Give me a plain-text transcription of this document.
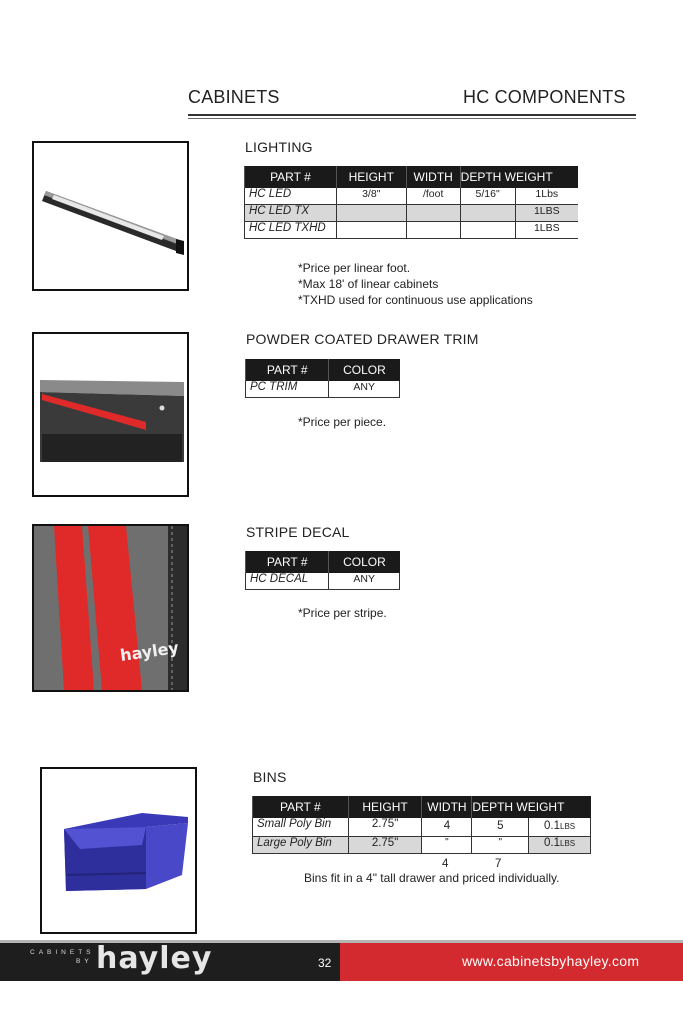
CABINETS	HC COMPONENTS
LIGHTING
PART #	HEIGHT	WIDTH	DEPTH WEIGHT	
HC LED	3/8"	/foot	5/16"	1Lbs
HC LED TX				1LBS
HC LED TXHD				1LBS
*Price per linear foot.
*Max 18' of linear cabinets
*TXHD used for continuous use applications
POWDER COATED DRAWER TRIM
PART #	COLOR
PC TRIM	ANY
*Price per piece.
hayley
STRIPE DECAL
PART #	COLOR
HC DECAL	ANY
*Price per stripe.
BINS
PART #	HEIGHT	WIDTH	DEPTH WEIGHT	
Small Poly Bin	2.75"	4	5	0.1LBS
Large Poly Bin	2.75"	"	"	0.1LBS
4	7
Bins fit in a 4" tall drawer and priced individually.
CABINETS
BY hayley	32	www.cabinetsbyhayley.com
